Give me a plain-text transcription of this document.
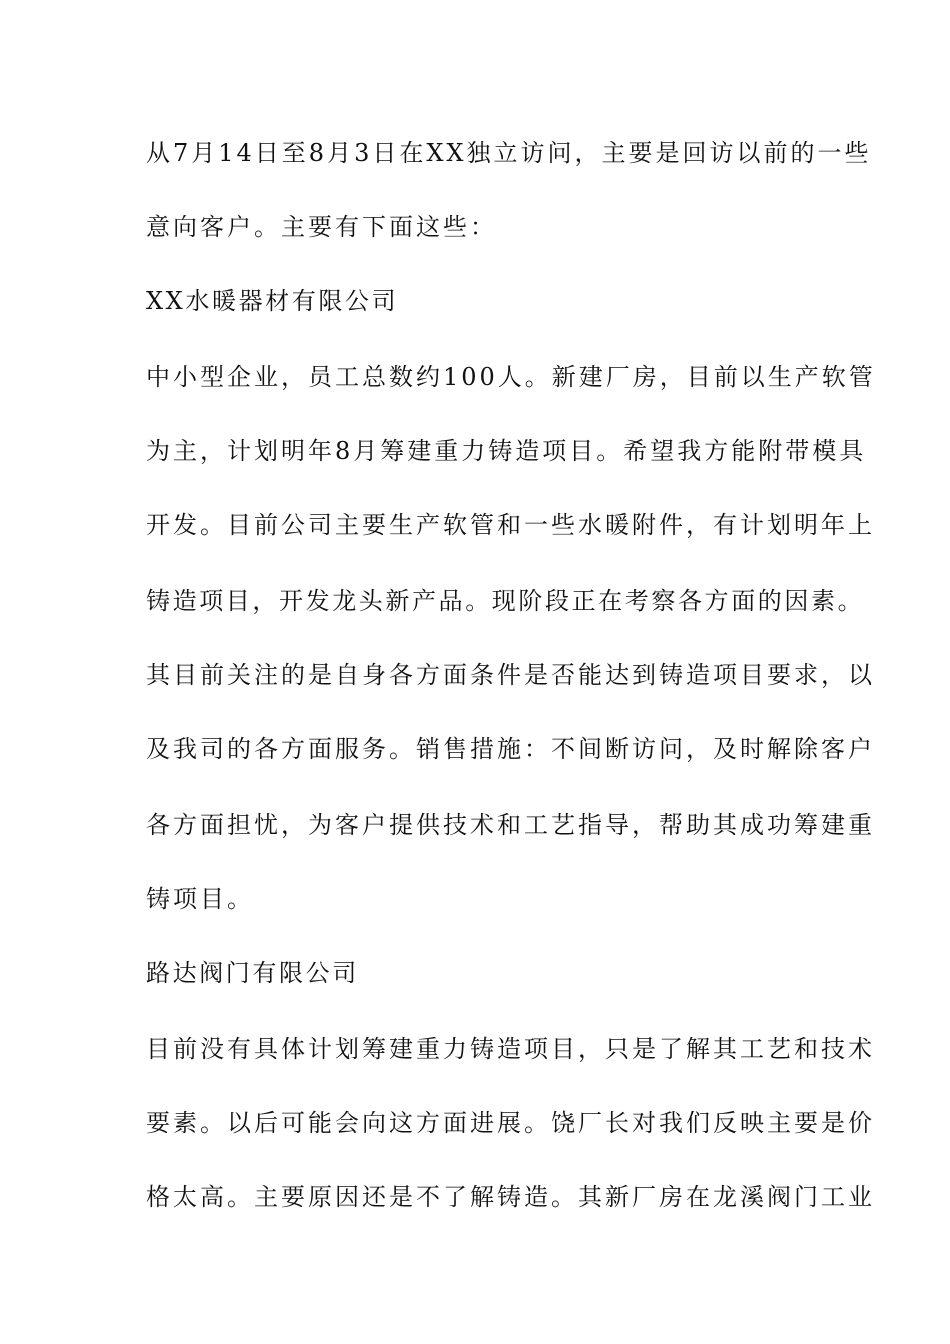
从7月14日至8月3日在XX独立访问，主要是回访以前的一些
意向客户。主要有下面这些：
XX水暖器材有限公司
中小型企业，员工总数约100人。新建厂房，目前以生产软管
为主，计划明年8月筹建重力铸造项目。希望我方能附带模具
开发。目前公司主要生产软管和一些水暖附件，有计划明年上
铸造项目，开发龙头新产品。现阶段正在考察各方面的因素。
其目前关注的是自身各方面条件是否能达到铸造项目要求，以
及我司的各方面服务。销售措施：不间断访问，及时解除客户
各方面担忧，为客户提供技术和工艺指导，帮助其成功筹建重
铸项目。
路达阀门有限公司
目前没有具体计划筹建重力铸造项目，只是了解其工艺和技术
要素。以后可能会向这方面进展。饶厂长对我们反映主要是价
格太高。主要原因还是不了解铸造。其新厂房在龙溪阀门工业
